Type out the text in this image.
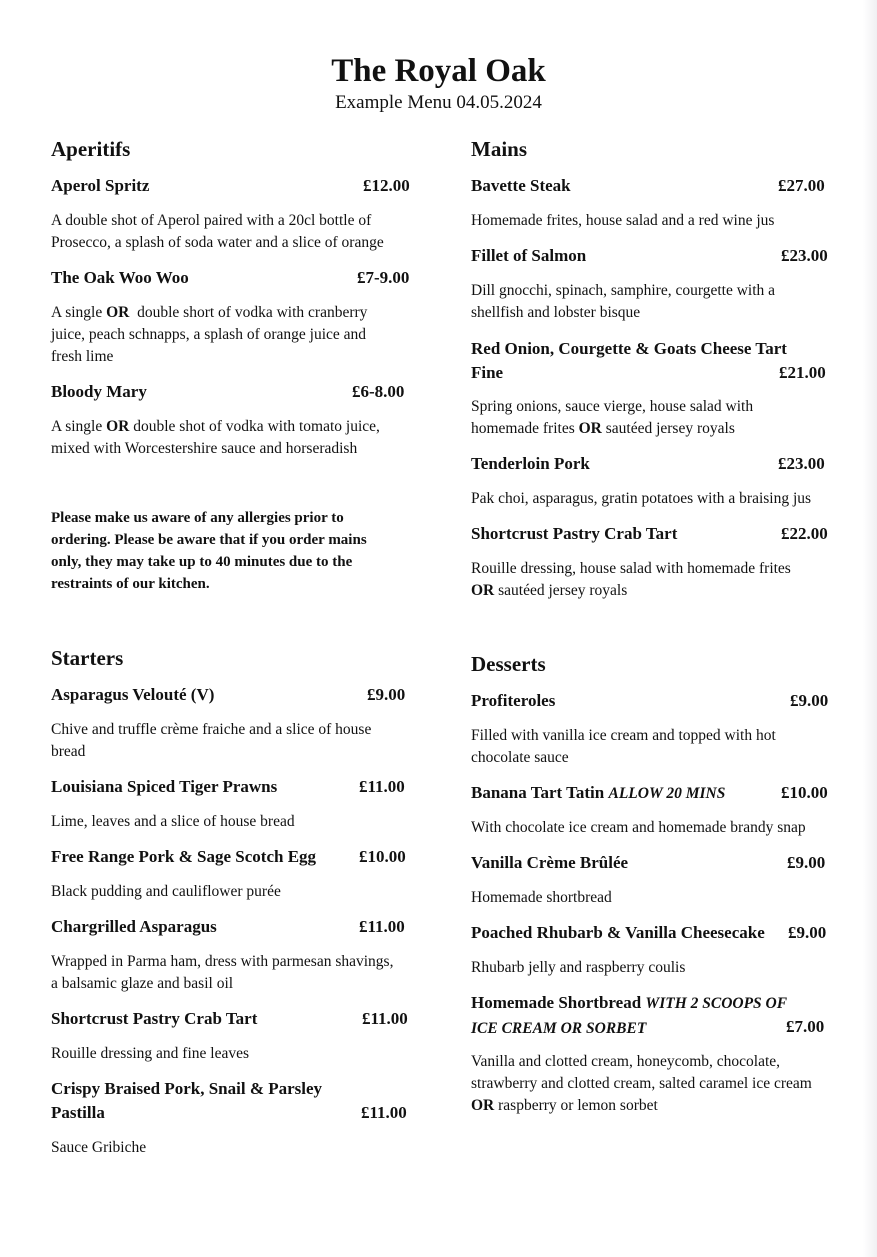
The Royal Oak
Example Menu 04.05.2024
Aperitifs
Aperol Spritz	£12.00
A double shot of Aperol paired with a 20cl bottle of
Prosecco, a splash of soda water and a slice of orange
The Oak Woo Woo	£7-9.00
A single OR  double short of vodka with cranberry
juice, peach schnapps, a splash of orange juice and
fresh lime
Bloody Mary	£6-8.00
A single OR double shot of vodka with tomato juice,
mixed with Worcestershire sauce and horseradish
Please make us aware of any allergies prior to
ordering. Please be aware that if you order mains
only, they may take up to 40 minutes due to the
restraints of our kitchen.
Starters
Asparagus Velouté (V)	£9.00
Chive and truffle crème fraiche and a slice of house
bread
Louisiana Spiced Tiger Prawns	£11.00
Lime, leaves and a slice of house bread
Free Range Pork & Sage Scotch Egg	£10.00
Black pudding and cauliflower purée
Chargrilled Asparagus	£11.00
Wrapped in Parma ham, dress with parmesan shavings,
a balsamic glaze and basil oil
Shortcrust Pastry Crab Tart	£11.00
Rouille dressing and fine leaves
Crispy Braised Pork, Snail & Parsley
Pastilla	£11.00
Sauce Gribiche
Mains
Bavette Steak	£27.00
Homemade frites, house salad and a red wine jus
Fillet of Salmon	£23.00
Dill gnocchi, spinach, samphire, courgette with a
shellfish and lobster bisque
Red Onion, Courgette & Goats Cheese Tart
Fine	£21.00
Spring onions, sauce vierge, house salad with
homemade frites OR sautéed jersey royals
Tenderloin Pork	£23.00
Pak choi, asparagus, gratin potatoes with a braising jus
Shortcrust Pastry Crab Tart	£22.00
Rouille dressing, house salad with homemade frites
OR sautéed jersey royals
Desserts
Profiteroles	£9.00
Filled with vanilla ice cream and topped with hot
chocolate sauce
Banana Tart Tatin ALLOW 20 MINS	£10.00
With chocolate ice cream and homemade brandy snap
Vanilla Crème Brûlée	£9.00
Homemade shortbread
Poached Rhubarb & Vanilla Cheesecake £9.00
Rhubarb jelly and raspberry coulis
Homemade Shortbread WITH 2 SCOOPS OF
ICE CREAM OR SORBET	£7.00
Vanilla and clotted cream, honeycomb, chocolate,
strawberry and clotted cream, salted caramel ice cream
OR raspberry or lemon sorbet
